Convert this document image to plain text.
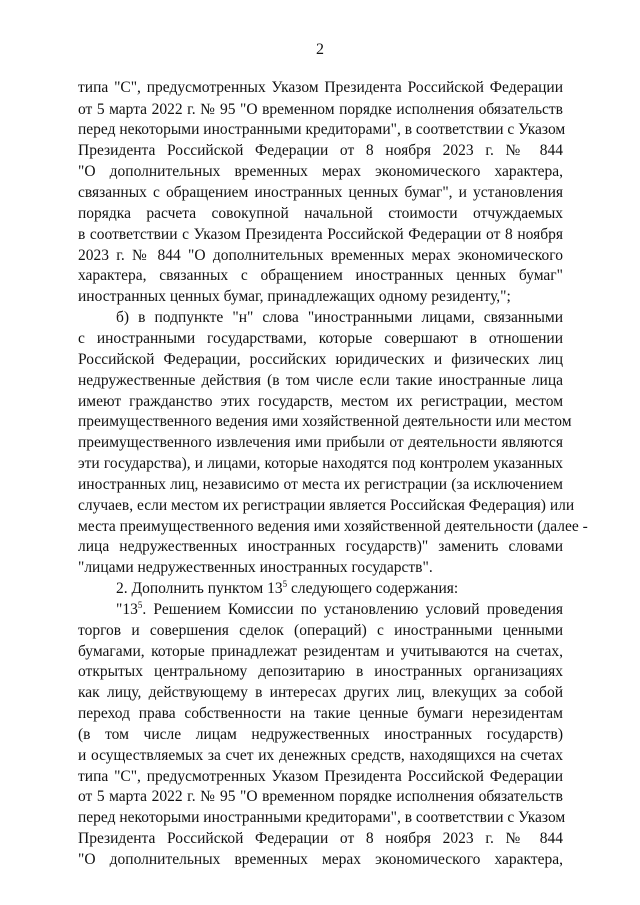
2
типа "С", предусмотренных Указом Президента Российской Федерации
от 5 марта 2022 г. № 95 "О временном порядке исполнения обязательств
перед некоторыми иностранными кредиторами", в соответствии с Указом
Президента Российской Федерации от 8 ноября 2023 г. № 844
"О дополнительных временных мерах экономического характера,
связанных с обращением иностранных ценных бумаг", и установления
порядка расчета совокупной начальной стоимости отчуждаемых
в соответствии с Указом Президента Российской Федерации от 8 ноября
2023 г. № 844 "О дополнительных временных мерах экономического
характера, связанных с обращением иностранных ценных бумаг"
иностранных ценных бумаг, принадлежащих одному резиденту,";
б) в подпункте "н" слова "иностранными лицами, связанными
с иностранными государствами, которые совершают в отношении
Российской Федерации, российских юридических и физических лиц
недружественные действия (в том числе если такие иностранные лица
имеют гражданство этих государств, местом их регистрации, местом
преимущественного ведения ими хозяйственной деятельности или местом
преимущественного извлечения ими прибыли от деятельности являются
эти государства), и лицами, которые находятся под контролем указанных
иностранных лиц, независимо от места их регистрации (за исключением
случаев, если местом их регистрации является Российская Федерация) или
места преимущественного ведения ими хозяйственной деятельности (далее -
лица недружественных иностранных государств)" заменить словами
"лицами недружественных иностранных государств".
2. Дополнить пунктом $13^5$ следующего содержания:
"$13^5$. Решением Комиссии по установлению условий проведения
торгов и совершения сделок (операций) с иностранными ценными
бумагами, которые принадлежат резидентам и учитываются на счетах,
открытых центральному депозитарию в иностранных организациях
как лицу, действующему в интересах других лиц, влекущих за собой
переход права собственности на такие ценные бумаги нерезидентам
(в том числе лицам недружественных иностранных государств)
и осуществляемых за счет их денежных средств, находящихся на счетах
типа "С", предусмотренных Указом Президента Российской Федерации
от 5 марта 2022 г. № 95 "О временном порядке исполнения обязательств
перед некоторыми иностранными кредиторами", в соответствии с Указом
Президента Российской Федерации от 8 ноября 2023 г. № 844
"О дополнительных временных мерах экономического характера,
